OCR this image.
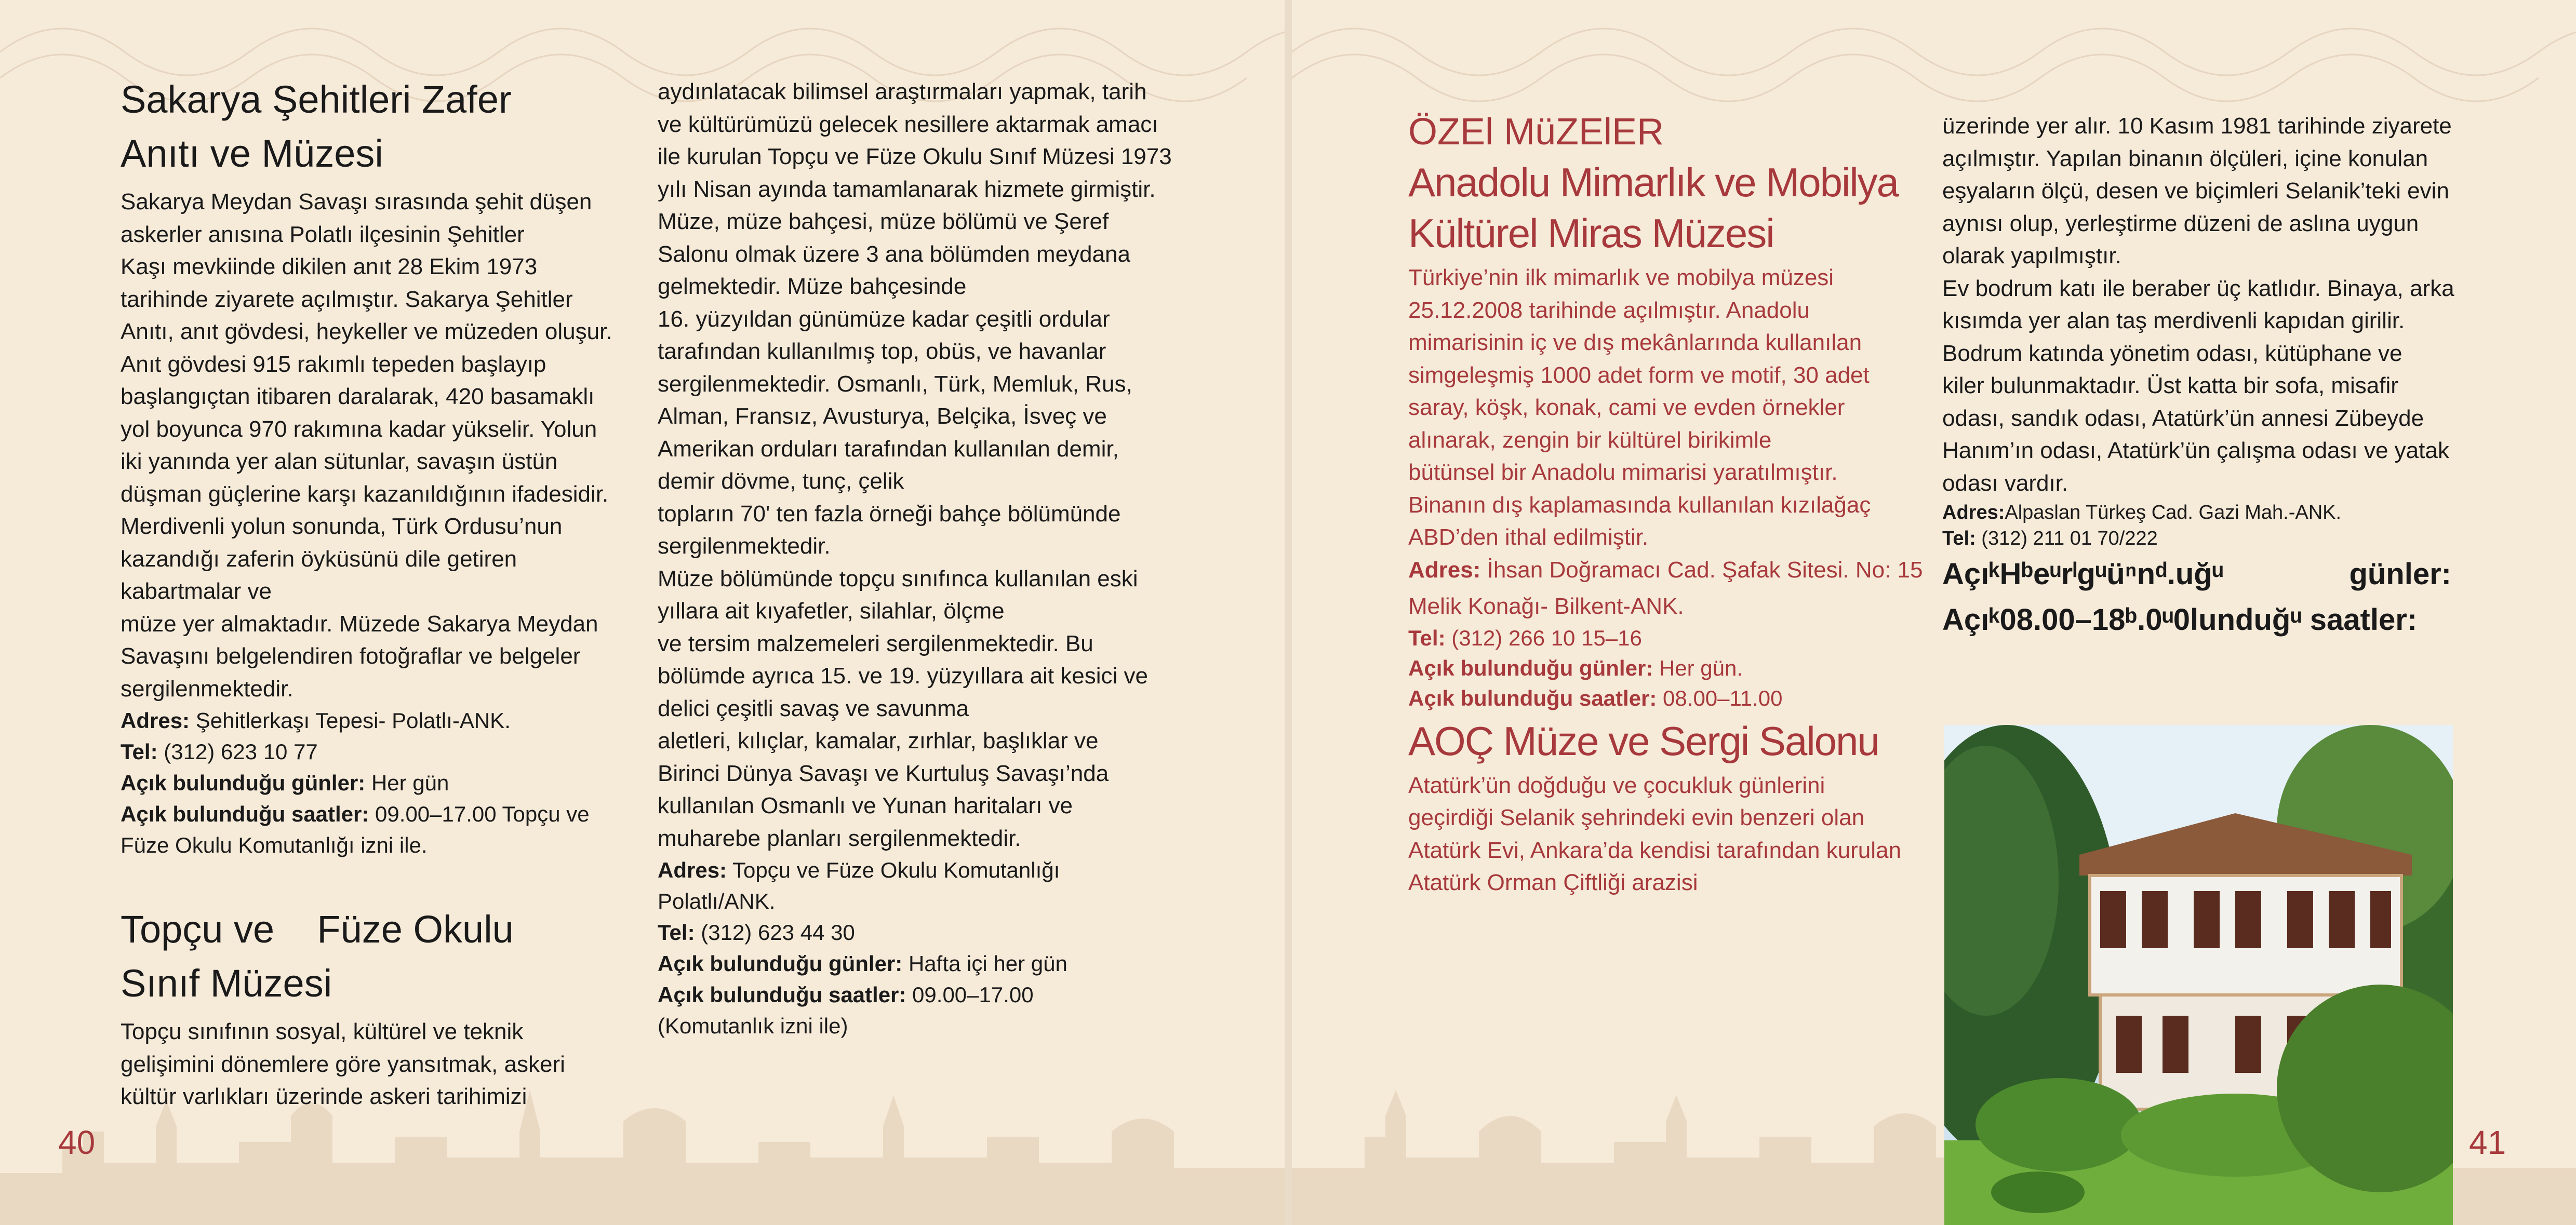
Sakarya Şehitleri Zafer
Anıtı ve Müzesi

Sakarya Meydan Savaşı sırasında şehit düşen

askerler anısına Polatlı ilçesinin Şehitler

Kaşı mevkiinde dikilen anıt 28 Ekim 1973

tarihinde ziyarete açılmıştır. Sakarya Şehitler

Anıtı, anıt gövdesi, heykeller ve müzeden oluşur.

Anıt gövdesi 915 rakımlı tepeden başlayıp

başlangıçtan itibaren daralarak, 420 basamaklı

yol boyunca 970 rakımına kadar yükselir. Yolun

iki yanında yer alan sütunlar, savaşın üstün

düşman güçlerine karşı kazanıldığının ifadesidir.

Merdivenli yolun sonunda, Türk Ordusu’nun

kazandığı zaferin öyküsünü dile getiren

kabartmalar ve

müze yer almaktadır. Müzede Sakarya Meydan

Savaşını belgelendiren fotoğraflar ve belgeler

sergilenmektedir.

Adres: Şehitlerkaşı Tepesi- Polatlı-ANK.

Tel: (312) 623 10 77

Açık bulunduğu günler: Her gün

Açık bulunduğu saatler: 09.00–17.00 Topçu ve

Füze Okulu Komutanlığı izni ile.

Topçu ve    Füze Okulu
Sınıf Müzesi

Topçu sınıfının sosyal, kültürel ve teknik

gelişimini dönemlere göre yansıtmak, askeri

kültür varlıkları üzerinde askeri tarihimizi

aydınlatacak bilimsel araştırmaları yapmak, tarih

ve kültürümüzü gelecek nesillere aktarmak amacı

ile kurulan Topçu ve Füze Okulu Sınıf Müzesi 1973

yılı Nisan ayında tamamlanarak hizmete girmiştir.

Müze, müze bahçesi, müze bölümü ve Şeref

Salonu olmak üzere 3 ana bölümden meydana

gelmektedir. Müze bahçesinde

16. yüzyıldan günümüze kadar çeşitli ordular

tarafından kullanılmış top, obüs, ve havanlar

sergilenmektedir. Osmanlı, Türk, Memluk, Rus,

Alman, Fransız, Avusturya, Belçika, İsveç ve

Amerikan orduları tarafından kullanılan demir,

demir dövme, tunç, çelik

topların 70' ten fazla örneği bahçe bölümünde

sergilenmektedir.

Müze bölümünde topçu sınıfınca kullanılan eski

yıllara ait kıyafetler, silahlar, ölçme

ve tersim malzemeleri sergilenmektedir. Bu

bölümde ayrıca 15. ve 19. yüzyıllara ait kesici ve

delici çeşitli savaş ve savunma

aletleri, kılıçlar, kamalar, zırhlar, başlıklar ve

Birinci Dünya Savaşı ve Kurtuluş Savaşı’nda

kullanılan Osmanlı ve Yunan haritaları ve

muharebe planları sergilenmektedir.

Adres: Topçu ve Füze Okulu Komutanlığı

Polatlı/ANK.

Tel: (312) 623 44 30

Açık bulunduğu günler: Hafta içi her gün

Açık bulunduğu saatler: 09.00–17.00

(Komutanlık izni ile)

40
ÖZEl MüZElER
Anadolu Mimarlık ve Mobilya
Kültürel Miras Müzesi

Türkiye’nin ilk mimarlık ve mobilya müzesi

25.12.2008 tarihinde açılmıştır. Anadolu

mimarisinin iç ve dış mekânlarında kullanılan

simgeleşmiş 1000 adet form ve motif, 30 adet

saray, köşk, konak, cami ve evden örnekler

alınarak, zengin bir kültürel birikimle

bütünsel bir Anadolu mimarisi yaratılmıştır.

Binanın dış kaplamasında kullanılan kızılağaç

ABD’den ithal edilmiştir.

Adres: İhsan Doğramacı Cad. Şafak Sitesi. No: 15

Melik Konağı- Bilkent-ANK.

Tel: (312) 266 10 15–16

Açık bulunduğu günler: Her gün.

Açık bulunduğu saatler: 08.00–11.00

AOÇ Müze ve Sergi Salonu

Atatürk’ün doğduğu ve çocukluk günlerini

geçirdiği Selanik şehrindeki evin benzeri olan

Atatürk Evi, Ankara’da kendisi tarafından kurulan

Atatürk Orman Çiftliği arazisi

üzerinde yer alır. 10 Kasım 1981 tarihinde ziyarete

açılmıştır. Yapılan binanın ölçüleri, içine konulan

eşyaların ölçü, desen ve biçimleri Selanik’teki evin

aynısı olup, yerleştirme düzeni de aslına uygun

olarak yapılmıştır.

Ev bodrum katı ile beraber üç katlıdır. Binaya, arka

kısımda yer alan taş merdivenli kapıdan girilir.

Bodrum katında yönetim odası, kütüphane ve

kiler bulunmaktadır. Üst katta bir sofa, misafir

odası, sandık odası, Atatürk’ün annesi Zübeyde

Hanım’ın odası, Atatürk’ün çalışma odası ve yatak

odası vardır.

Adres:Alpaslan Türkeş Cad. Gazi Mah.-ANK.

Tel: (312) 211 01 70/222

AçıᵏHᵇeᵘrˡgᵘüⁿnᵈ.uğᵘ	günler:

Açıᵏ08.00–18ᵇ.0ᵘ0lunduğᵘ saatler:

41
